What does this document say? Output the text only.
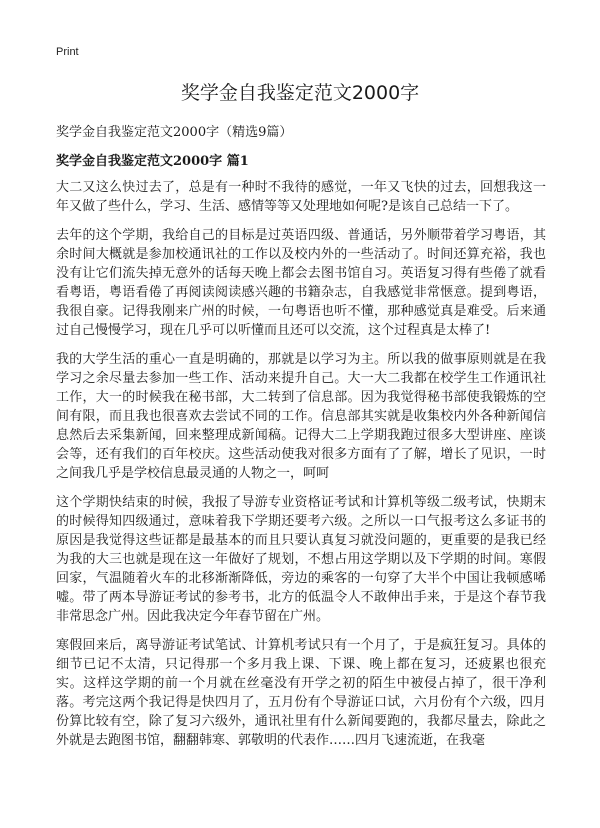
Print
奖学金自我鉴定范文2000字

奖学金自我鉴定范文2000字（精选9篇）

奖学金自我鉴定范文2000字 篇1

大二又这么快过去了，总是有一种时不我待的感觉，一年又飞快的过去，回想我这一年又做了些什么，学习、生活、感情等等又处理地如何呢?是该自己总结一下了。

去年的这个学期，我给自己的目标是过英语四级、普通话，另外顺带着学习粤语，其余时间大概就是参加校通讯社的工作以及校内外的一些活动了。时间还算充裕，我也没有让它们流失掉无意外的话每天晚上都会去图书馆自习。英语复习得有些倦了就看看粤语，粤语看倦了再阅读阅读感兴趣的书籍杂志，自我感觉非常惬意。提到粤语，我很自豪。记得我刚来广州的时候，一句粤语也听不懂，那种感觉真是难受。后来通过自己慢慢学习，现在几乎可以听懂而且还可以交流，这个过程真是太棒了!

我的大学生活的重心一直是明确的，那就是以学习为主。所以我的做事原则就是在我学习之余尽量去参加一些工作、活动来提升自己。大一大二我都在校学生工作通讯社工作，大一的时候我在秘书部，大二转到了信息部。因为我觉得秘书部使我锻炼的空间有限，而且我也很喜欢去尝试不同的工作。信息部其实就是收集校内外各种新闻信息然后去采集新闻，回来整理成新闻稿。记得大二上学期我跑过很多大型讲座、座谈会等，还有我们的百年校庆。这些活动使我对很多方面有了了解，增长了见识，一时之间我几乎是学校信息最灵通的人物之一，呵呵

这个学期快结束的时候，我报了导游专业资格证考试和计算机等级二级考试，快期末的时候得知四级通过，意味着我下学期还要考六级。之所以一口气报考这么多证书的原因是我觉得这些证都是最基本的而且只要认真复习就没问题的，更重要的是我已经为我的大三也就是现在这一年做好了规划，不想占用这学期以及下学期的时间。寒假回家，气温随着火车的北移渐渐降低，旁边的乘客的一句穿了大半个中国让我顿感唏嘘。带了两本导游证考试的参考书，北方的低温令人不敢伸出手来，于是这个春节我非常思念广州。因此我决定今年春节留在广州。

寒假回来后，离导游证考试笔试、计算机考试只有一个月了，于是疯狂复习。具体的细节已记不太清，只记得那一个多月我上课、下课、晚上都在复习，还疲累也很充实。这样这学期的前一个月就在丝毫没有开学之初的陌生中被侵占掉了，很干净利落。考完这两个我记得是快四月了，五月份有个导游证口试，六月份有个六级，四月份算比较有空，除了复习六级外，通讯社里有什么新闻要跑的，我都尽量去，除此之外就是去跑图书馆，翻翻韩寒、郭敬明的代表作……四月飞速流逝，在我毫
